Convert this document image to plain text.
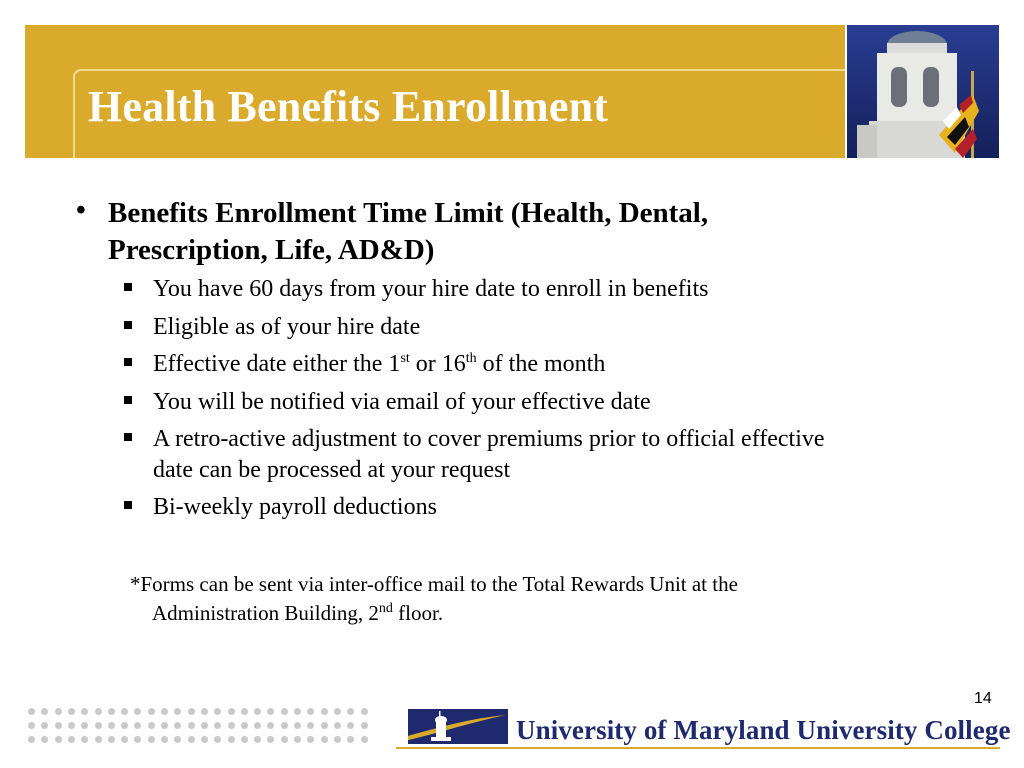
Health Benefits Enrollment
• Benefits Enrollment Time Limit (Health, Dental, Prescription, Life, AD&D)
You have 60 days from your hire date to enroll in benefits
Eligible as of your hire date
Effective date either the 1st or 16th of the month
You will be notified via email of your effective date
A retro-active adjustment to cover premiums prior to official effective
date can be processed at your request
Bi-weekly payroll deductions
*Forms can be sent via inter-office mail to the Total Rewards Unit at the
Administration Building, 2nd floor.
14
University of Maryland University College
